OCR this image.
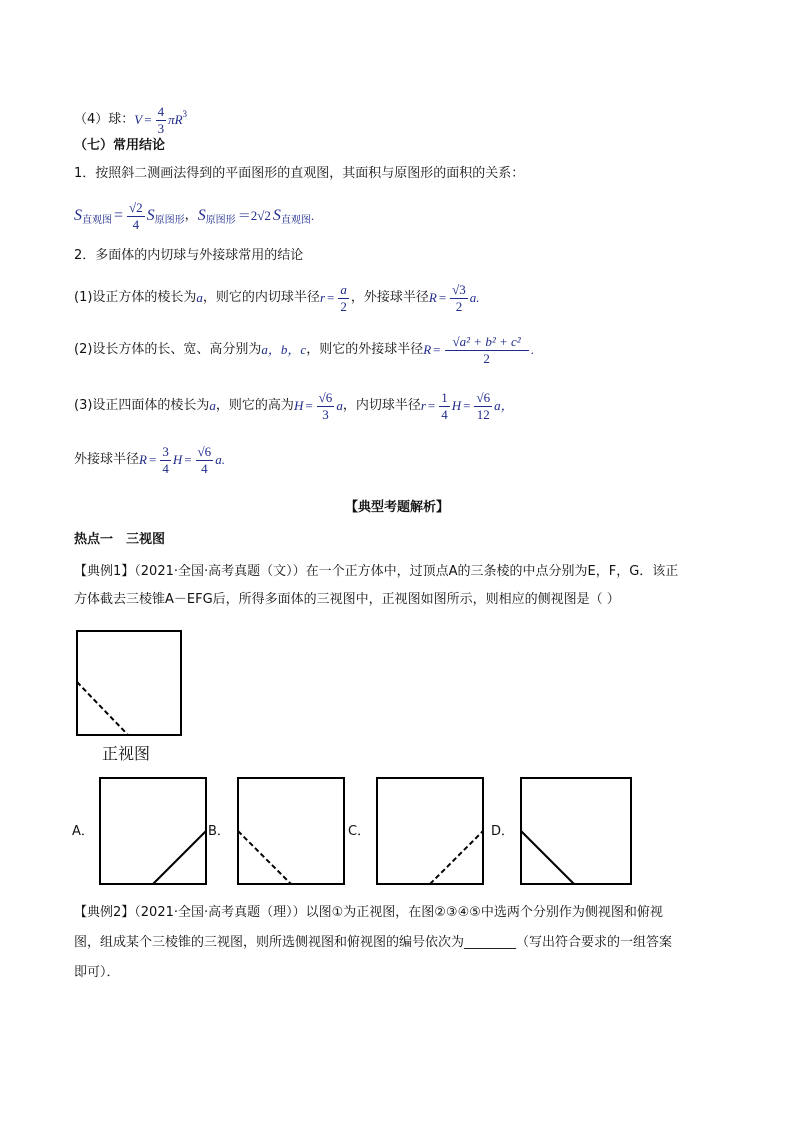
（4）球： $V = \frac{4}{3} \pi R^3$
（七）常用结论
1．按照斜二测画法得到的平面图形的直观图，其面积与原图形的面积的关系：
S 直观图 = $\frac{√2}{4}$ S 原图形 ， S 原图形 ＝2√2 S 直观图 .
2．多面体的内切球与外接球常用的结论
(1)设正方体的棱长为 a ，则它的内切球半径 $r = \frac{a}{2}$ ，外接球半径 $R = \frac{√3}{2} a$.
(2)设长方体的长、宽、高分别为 a，b，c ，则它的外接球半径 $R = \frac{\text{√a² + b² + c²}}{2}$ .
(3)设正四面体的棱长为 a ，则它的高为 $H = \frac{√6}{3}$ a ，内切球半径 $r = \frac{1}{4}$ $H = \frac{√6}{12}$ a，
外接球半径 $R = \frac{3}{4}$ $H = \frac{√6}{4} a$.
【典型考题解析】
热点一　三视图
【典例1】（2021·全国·高考真题（文））在一个正方体中，过顶点A的三条棱的中点分别为E，F，G．该正
方体截去三棱锥A－EFG后，所得多面体的三视图中，正视图如图所示，则相应的侧视图是（ ）
正视图
A．	B．	C．	D．
【典例2】（2021·全国·高考真题（理））以图①为正视图，在图②③④⑤中选两个分别作为侧视图和俯视
图，组成某个三棱锥的三视图，则所选侧视图和俯视图的编号依次为________（写出符合要求的一组答案
即可）．
